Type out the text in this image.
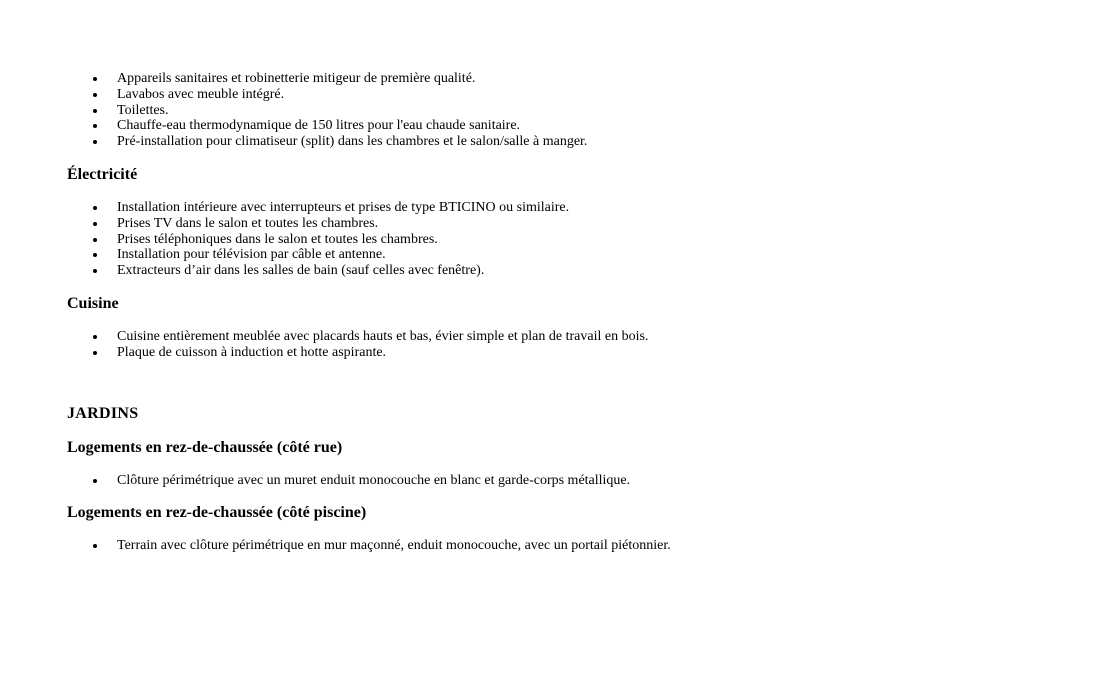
Appareils sanitaires et robinetterie mitigeur de première qualité.
Lavabos avec meuble intégré.
Toilettes.
Chauffe-eau thermodynamique de 150 litres pour l'eau chaude sanitaire.
Pré-installation pour climatiseur (split) dans les chambres et le salon/salle à manger.
Électricité
Installation intérieure avec interrupteurs et prises de type BTICINO ou similaire.
Prises TV dans le salon et toutes les chambres.
Prises téléphoniques dans le salon et toutes les chambres.
Installation pour télévision par câble et antenne.
Extracteurs d’air dans les salles de bain (sauf celles avec fenêtre).
Cuisine
Cuisine entièrement meublée avec placards hauts et bas, évier simple et plan de travail en bois.
Plaque de cuisson à induction et hotte aspirante.
JARDINS
Logements en rez-de-chaussée (côté rue)
Clôture périmétrique avec un muret enduit monocouche en blanc et garde-corps métallique.
Logements en rez-de-chaussée (côté piscine)
Terrain avec clôture périmétrique en mur maçonné, enduit monocouche, avec un portail piétonnier.
